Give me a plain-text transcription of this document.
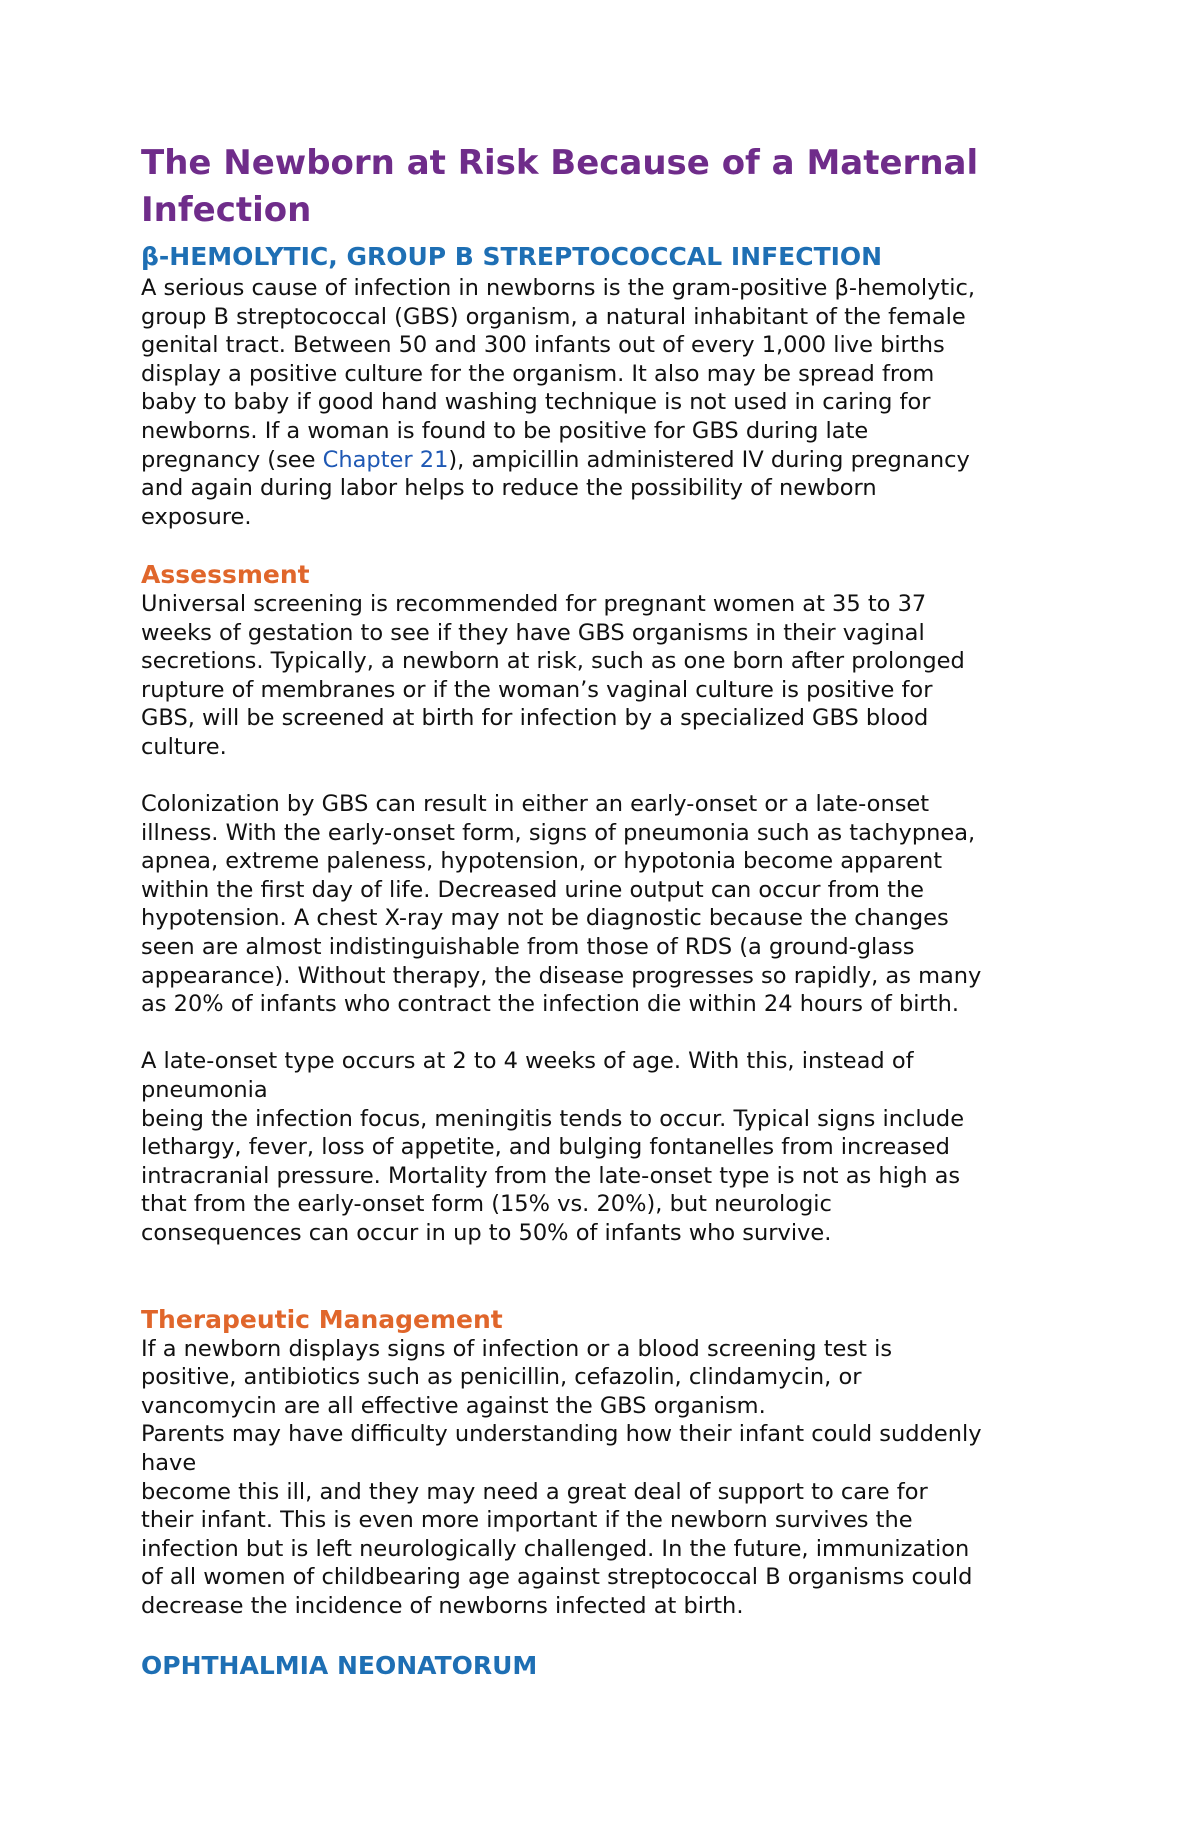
The Newborn at Risk Because of a Maternal Infection
β-HEMOLYTIC, GROUP B STREPTOCOCCAL INFECTION

A serious cause of infection in newborns is the gram-positive β-hemolytic,
group B streptococcal (GBS) organism, a natural inhabitant of the female
genital tract. Between 50 and 300 infants out of every 1,000 live births
display a positive culture for the organism. It also may be spread from
baby to baby if good hand washing technique is not used in caring for
newborns. If a woman is found to be positive for GBS during late
pregnancy (see Chapter 21), ampicillin administered IV during pregnancy
and again during labor helps to reduce the possibility of newborn
exposure.

Assessment

Universal screening is recommended for pregnant women at 35 to 37
weeks of gestation to see if they have GBS organisms in their vaginal
secretions. Typically, a newborn at risk, such as one born after prolonged
rupture of membranes or if the woman’s vaginal culture is positive for
GBS, will be screened at birth for infection by a specialized GBS blood
culture.

Colonization by GBS can result in either an early-onset or a late-onset
illness. With the early-onset form, signs of pneumonia such as tachypnea,
apnea, extreme paleness, hypotension, or hypotonia become apparent
within the first day of life. Decreased urine output can occur from the
hypotension. A chest X-ray may not be diagnostic because the changes
seen are almost indistinguishable from those of RDS (a ground-glass
appearance). Without therapy, the disease progresses so rapidly, as many
as 20% of infants who contract the infection die within 24 hours of birth.

A late-onset type occurs at 2 to 4 weeks of age. With this, instead of
pneumonia
being the infection focus, meningitis tends to occur. Typical signs include
lethargy, fever, loss of appetite, and bulging fontanelles from increased
intracranial pressure. Mortality from the late-onset type is not as high as
that from the early-onset form (15% vs. 20%), but neurologic
consequences can occur in up to 50% of infants who survive.

Therapeutic Management

If a newborn displays signs of infection or a blood screening test is
positive, antibiotics such as penicillin, cefazolin, clindamycin, or
vancomycin are all effective against the GBS organism.
Parents may have difficulty understanding how their infant could suddenly
have
become this ill, and they may need a great deal of support to care for
their infant. This is even more important if the newborn survives the
infection but is left neurologically challenged. In the future, immunization
of all women of childbearing age against streptococcal B organisms could
decrease the incidence of newborns infected at birth.

OPHTHALMIA NEONATORUM
